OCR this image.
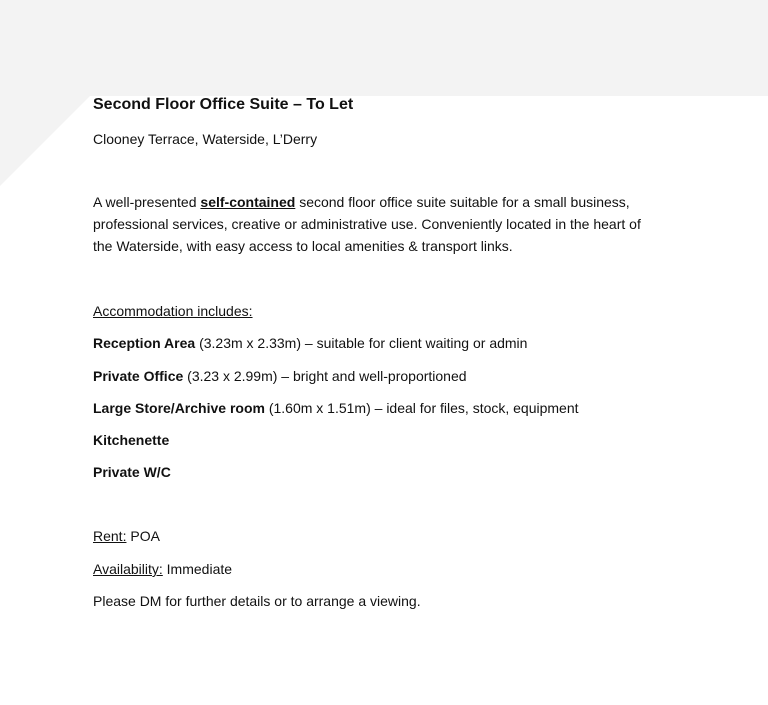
Second Floor Office Suite – To Let
Clooney Terrace, Waterside, L’Derry

A well-presented self-contained second floor office suite suitable for a small business,

professional services, creative or administrative use. Conveniently located in the heart of

the Waterside, with easy access to local amenities & transport links.

Accommodation includes:
Reception Area (3.23m x 2.33m) – suitable for client waiting or admin
Private Office (3.23 x 2.99m) – bright and well-proportioned
Large Store/Archive room (1.60m x 1.51m) – ideal for files, stock, equipment
Kitchenette
Private W/C
Rent: POA
Availability: Immediate
Please DM for further details or to arrange a viewing.
